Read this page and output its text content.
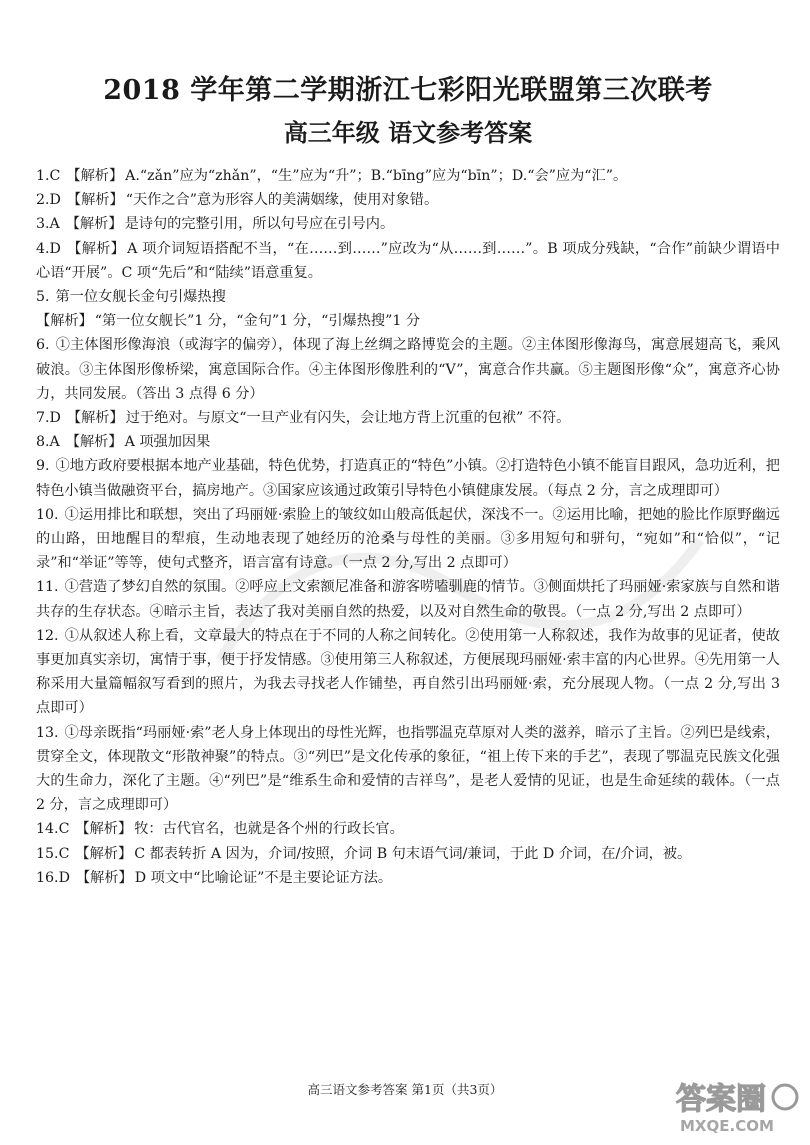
2018 学年第二学期浙江七彩阳光联盟第三次联考
高三年级 语文参考答案

1.C 【解析】 A.“zǎn”应为“zhǎn”，“生”应为“升”；B.“bīng”应为“bīn”；D.“会”应为“汇”。

2.D 【解析】 “天作之合”意为形容人的美满姻缘，使用对象错。

3.A 【解析】 是诗句的完整引用，所以句号应在引号内。

4.D 【解析】 A 项介词短语搭配不当，“在……到……”应改为“从……到……”。B 项成分残缺，“合作”前缺少谓语中心语“开展”。C 项“先后”和“陆续”语意重复。

5. 第一位女舰长金句引爆热搜

【解析】 “第一位女舰长”1 分，“金句”1 分，“引爆热搜”1 分

6. ①主体图形像海浪（或海字的偏旁），体现了海上丝绸之路博览会的主题。②主体图形像海鸟，寓意展翅高飞，乘风破浪。③主体图形像桥梁，寓意国际合作。④主体图形像胜利的“V”，寓意合作共赢。⑤主题图形像“众”，寓意齐心协力，共同发展。（答出 3 点得 6 分）

7.D 【解析】 过于绝对。与原文“一旦产业有闪失，会让地方背上沉重的包袱” 不符。

8.A 【解析】 A 项强加因果

9. ①地方政府要根据本地产业基础，特色优势，打造真正的“特色”小镇。②打造特色小镇不能盲目跟风，急功近利，把特色小镇当做融资平台，搞房地产。③国家应该通过政策引导特色小镇健康发展。（每点 2 分，言之成理即可）

10. ①运用排比和联想，突出了玛丽娅·索脸上的皱纹如山般高低起伏，深浅不一。②运用比喻，把她的脸比作原野幽远的山路，田地醒目的犁痕，生动地表现了她经历的沧桑与母性的美丽。③多用短句和骈句，“宛如”和“恰似”，“记录”和“举证”等等，使句式整齐，语言富有诗意。（一点 2 分,写出 2 点即可）

11. ①营造了梦幻自然的氛围。②呼应上文索额尼准备和游客唠嗑驯鹿的情节。③侧面烘托了玛丽娅·索家族与自然和谐共存的生存状态。④暗示主旨，表达了我对美丽自然的热爱，以及对自然生命的敬畏。（一点 2 分,写出 2 点即可）

12. ①从叙述人称上看，文章最大的特点在于不同的人称之间转化。②使用第一人称叙述，我作为故事的见证者，使故事更加真实亲切，寓情于事，便于抒发情感。③使用第三人称叙述，方便展现玛丽娅·索丰富的内心世界。④先用第一人称采用大量篇幅叙写看到的照片，为我去寻找老人作铺垫，再自然引出玛丽娅·索，充分展现人物。（一点 2 分,写出 3 点即可）

13. ①母亲既指“玛丽娅·索”老人身上体现出的母性光辉，也指鄂温克草原对人类的滋养，暗示了主旨。②列巴是线索，贯穿全文，体现散文“形散神聚”的特点。③“列巴”是文化传承的象征，“祖上传下来的手艺”，表现了鄂温克民族文化强大的生命力，深化了主题。④“列巴”是“维系生命和爱情的吉祥鸟”，是老人爱情的见证，也是生命延续的载体。（一点 2 分，言之成理即可）

14.C 【解析】 牧：古代官名，也就是各个州的行政长官。

15.C 【解析】 C 都表转折 A 因为，介词/按照，介词 B 句末语气词/兼词，于此 D 介词，在/介词，被。

16.D 【解析】 D 项文中“比喻论证”不是主要论证方法。

高三语文参考答案 第1页（共3页）	答案圈
MXQE.COM
